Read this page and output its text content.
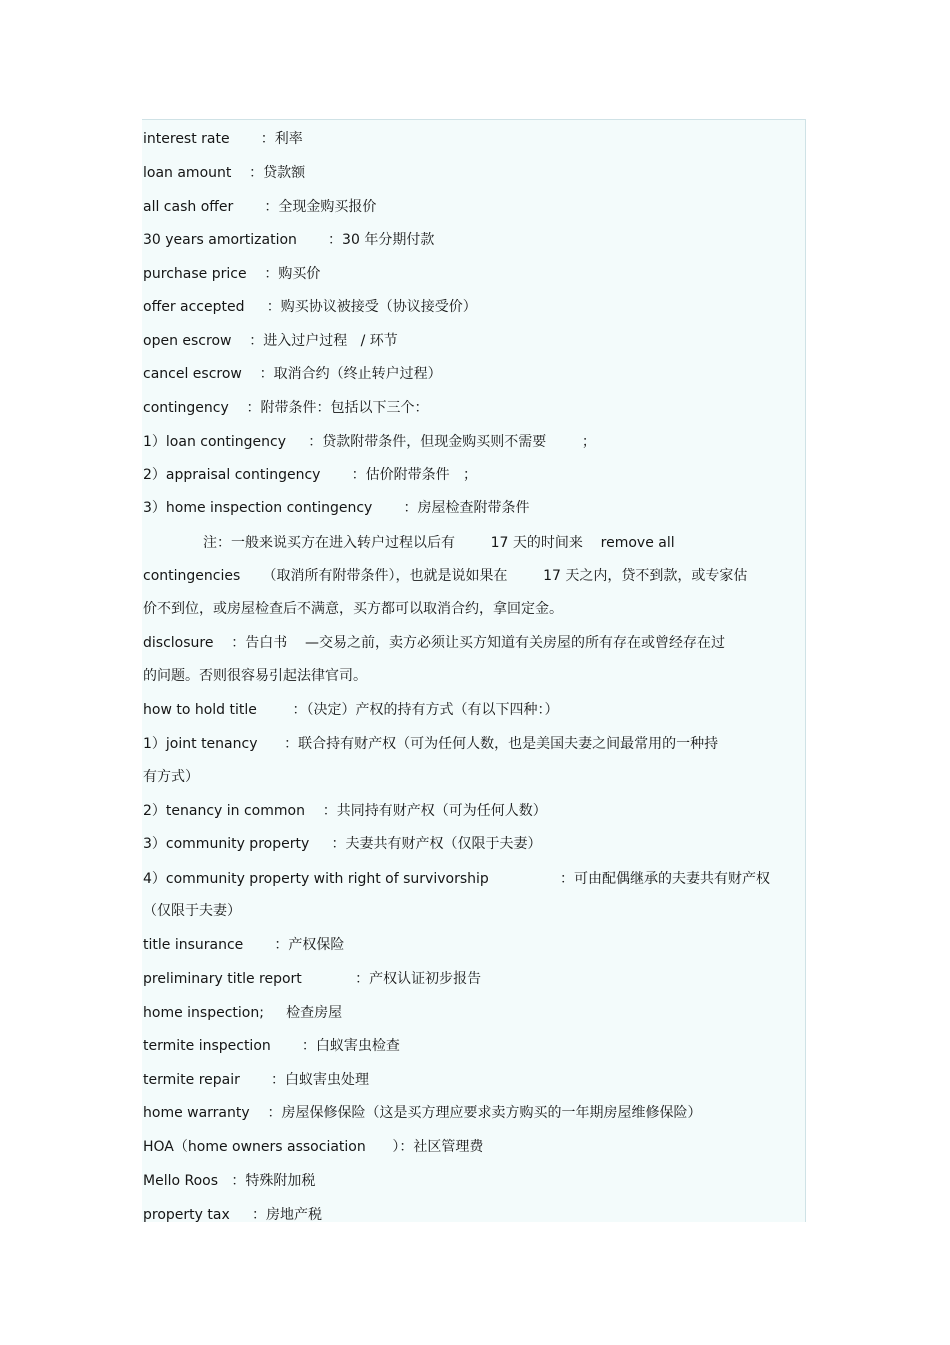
interest rate       ：利率
loan amount    ：贷款额
all cash offer       ：全现金购买报价
30 years amortization       ：30 年分期付款
purchase price    ：购买价
offer accepted     ：购买协议被接受（协议接受价）
open escrow    ：进入过户过程   / 环节
cancel escrow    ：取消合约（终止转户过程）
contingency    ：附带条件：包括以下三个：
1）loan contingency     ：贷款附带条件，但现金购买则不需要        ；
2）appraisal contingency       ：估价附带条件   ；
3）home inspection contingency       ：房屋检查附带条件
注：一般来说买方在进入转户过程以后有        17 天的时间来    remove all
contingencies     （取消所有附带条件），也就是说如果在        17 天之内，贷不到款，或专家估
价不到位，或房屋检查后不满意，买方都可以取消合约，拿回定金。
disclosure    ：告白书    —交易之前，卖方必须让买方知道有关房屋的所有存在或曾经存在过
的问题。否则很容易引起法律官司。
how to hold title        ：（决定）产权的持有方式（有以下四种：）
1）joint tenancy      ：联合持有财产权（可为任何人数，也是美国夫妻之间最常用的一种持
有方式）
2）tenancy in common    ：共同持有财产权（可为任何人数）
3）community property     ：夫妻共有财产权（仅限于夫妻）
4）community property with right of survivorship                ：可由配偶继承的夫妻共有财产权
（仅限于夫妻）
title insurance       ：产权保险
preliminary title report            ：产权认证初步报告
home inspection;     检查房屋
termite inspection       ：白蚁害虫检查
termite repair       ：白蚁害虫处理
home warranty    ：房屋保修保险（这是买方理应要求卖方购买的一年期房屋维修保险）
HOA（home owners association      ）：社区管理费
Mello Roos   ：特殊附加税
property tax     ：房地产税
